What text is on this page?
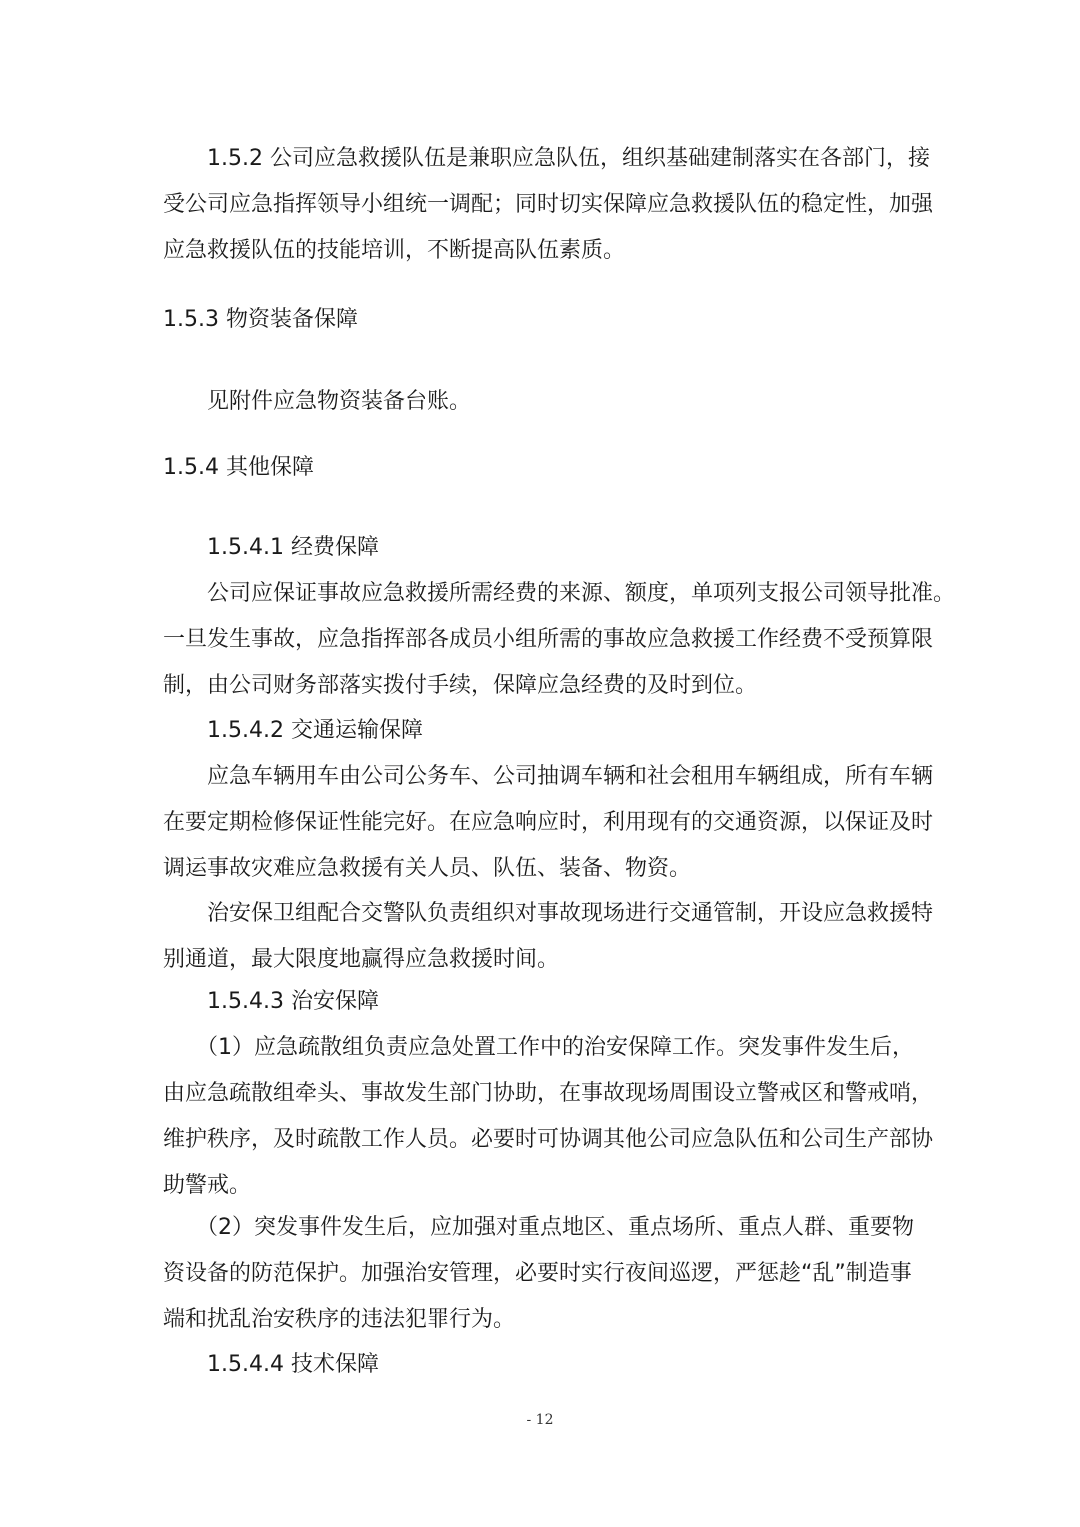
　　1.5.2 公司应急救援队伍是兼职应急队伍，组织基础建制落实在各部门，接
受公司应急指挥领导小组统一调配；同时切实保障应急救援队伍的稳定性，加强
应急救援队伍的技能培训，不断提高队伍素质。

1.5.3 物资装备保障

　　见附件应急物资装备台账。

1.5.4 其他保障

　　1.5.4.1 经费保障

　　公司应保证事故应急救援所需经费的来源、额度，单项列支报公司领导批准。
一旦发生事故，应急指挥部各成员小组所需的事故应急救援工作经费不受预算限
制，由公司财务部落实拨付手续，保障应急经费的及时到位。

　　1.5.4.2 交通运输保障

　　应急车辆用车由公司公务车、公司抽调车辆和社会租用车辆组成，所有车辆
在要定期检修保证性能完好。在应急响应时，利用现有的交通资源，以保证及时
调运事故灾难应急救援有关人员、队伍、装备、物资。

　　治安保卫组配合交警队负责组织对事故现场进行交通管制，开设应急救援特
别通道，最大限度地赢得应急救援时间。

　　1.5.4.3 治安保障

　　（1）应急疏散组负责应急处置工作中的治安保障工作。突发事件发生后，
由应急疏散组牵头、事故发生部门协助，在事故现场周围设立警戒区和警戒哨，
维护秩序，及时疏散工作人员。必要时可协调其他公司应急队伍和公司生产部协
助警戒。

　　（2）突发事件发生后，应加强对重点地区、重点场所、重点人群、重要物
资设备的防范保护。加强治安管理，必要时实行夜间巡逻，严惩趁“乱”制造事
端和扰乱治安秩序的违法犯罪行为。

　　1.5.4.4 技术保障

- 12
